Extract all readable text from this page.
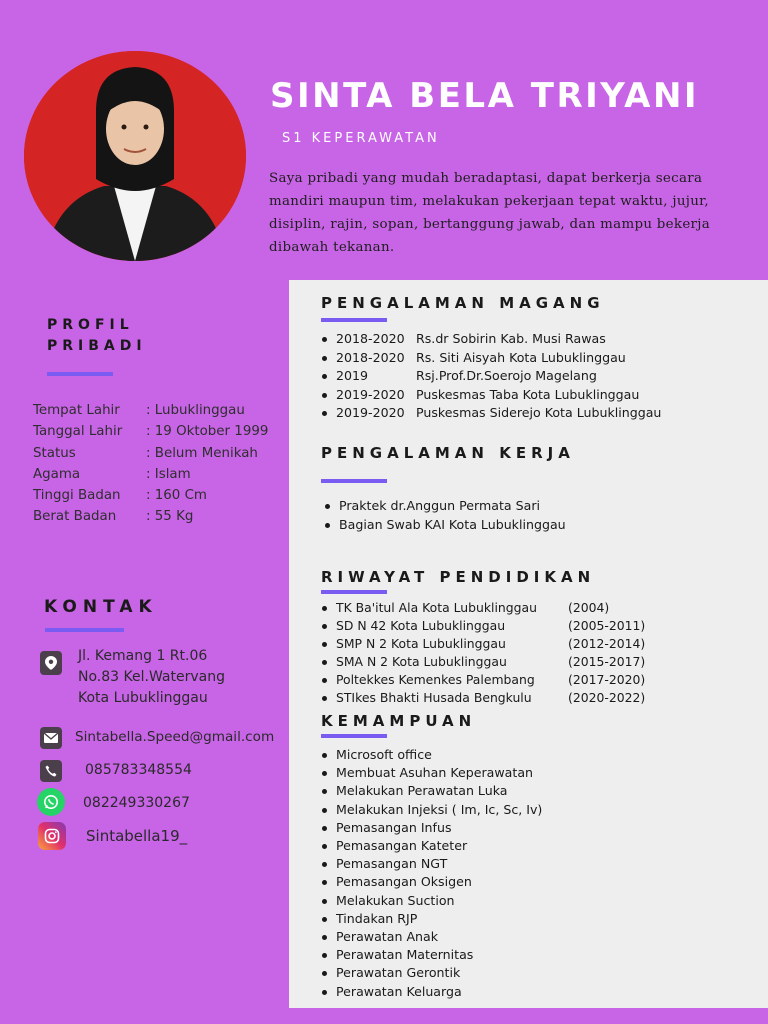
SINTA BELA TRIYANI
S1 KEPERAWATAN
Saya pribadi yang mudah beradaptasi, dapat berkerja secara mandiri maupun tim, melakukan pekerjaan tepat waktu, jujur, disiplin, rajin, sopan, bertanggung jawab, dan mampu bekerja dibawah tekanan.
PROFIL
PRIBADI
Tempat Lahir : Lubuklinggau
Tanggal Lahir : 19 Oktober 1999
Status	: Belum Menikah
Agama	: Islam
Tinggi Badan : 160 Cm
Berat Badan : 55 Kg
KONTAK
Jl. Kemang 1 Rt.06
No.83 Kel.Watervang
Kota Lubuklinggau
Sintabella.Speed@gmail.com
085783348554
082249330267
Sintabella19_
PENGALAMAN MAGANG
2018-2020 Rs.dr Sobirin Kab. Musi Rawas
2018-2020 Rs. Siti Aisyah Kota Lubuklinggau
2019	Rsj.Prof.Dr.Soerojo Magelang
2019-2020 Puskesmas Taba Kota Lubuklinggau
2019-2020 Puskesmas Siderejo Kota Lubuklinggau
PENGALAMAN KERJA
Praktek dr.Anggun Permata Sari
Bagian Swab KAI Kota Lubuklinggau
RIWAYAT PENDIDIKAN
TK Ba'itul Ala Kota Lubuklinggau	(2004)
SD N 42 Kota Lubuklinggau	(2005-2011)
SMP N 2 Kota Lubuklinggau	(2012-2014)
SMA N 2 Kota Lubuklinggau	(2015-2017)
Poltekkes Kemenkes Palembang	(2017-2020)
STIkes Bhakti Husada Bengkulu	(2020-2022)
KEMAMPUAN
Microsoft office
Membuat Asuhan Keperawatan
Melakukan Perawatan Luka
Melakukan Injeksi ( Im, Ic, Sc, Iv)
Pemasangan Infus
Pemasangan Kateter
Pemasangan NGT
Pemasangan Oksigen
Melakukan Suction
Tindakan RJP
Perawatan Anak
Perawatan Maternitas
Perawatan Gerontik
Perawatan Keluarga
